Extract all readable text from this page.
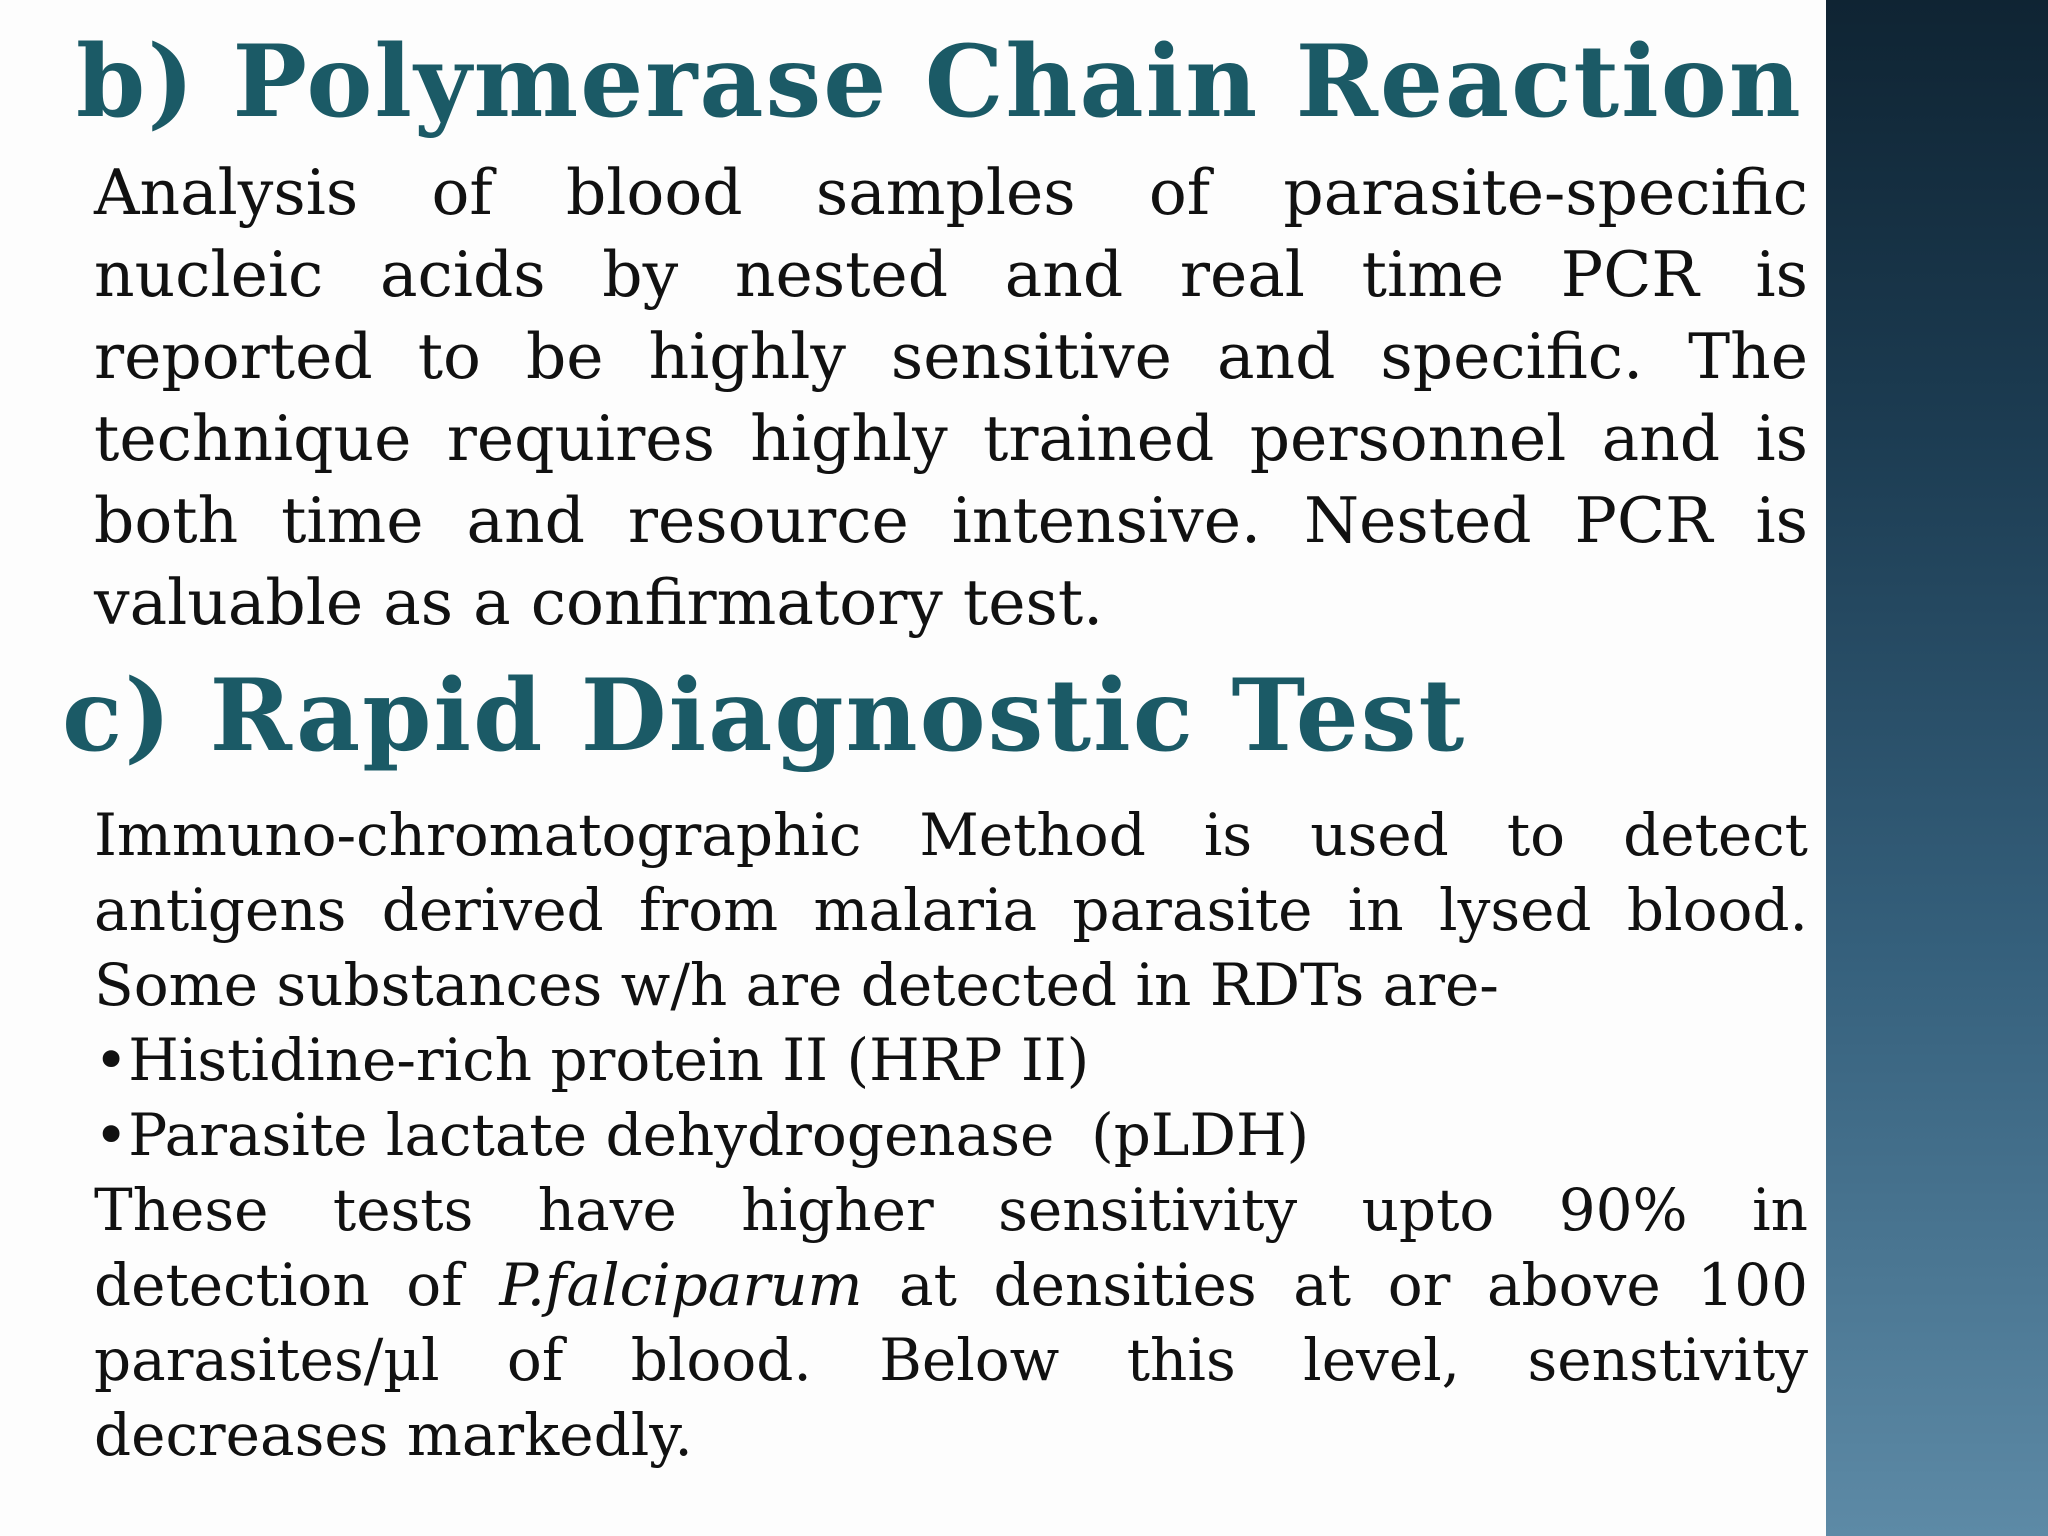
b) Polymerase Chain Reaction
Analysis of blood samples of parasite-specific
nucleic acids by nested and real time PCR is
reported to be highly sensitive and specific. The
technique requires highly trained personnel and is
both time and resource intensive. Nested PCR is
valuable as a confirmatory test.
c) Rapid Diagnostic Test
Immuno-chromatographic Method is used to detect
antigens derived from malaria parasite in lysed blood.
Some substances w/h are detected in RDTs are-
•Histidine-rich protein II (HRP II)
•Parasite lactate dehydrogenase  (pLDH)
These tests have higher sensitivity upto 90% in
detection of P.falciparum at densities at or above 100
parasites/µl of blood. Below this level, senstivity
decreases markedly.
